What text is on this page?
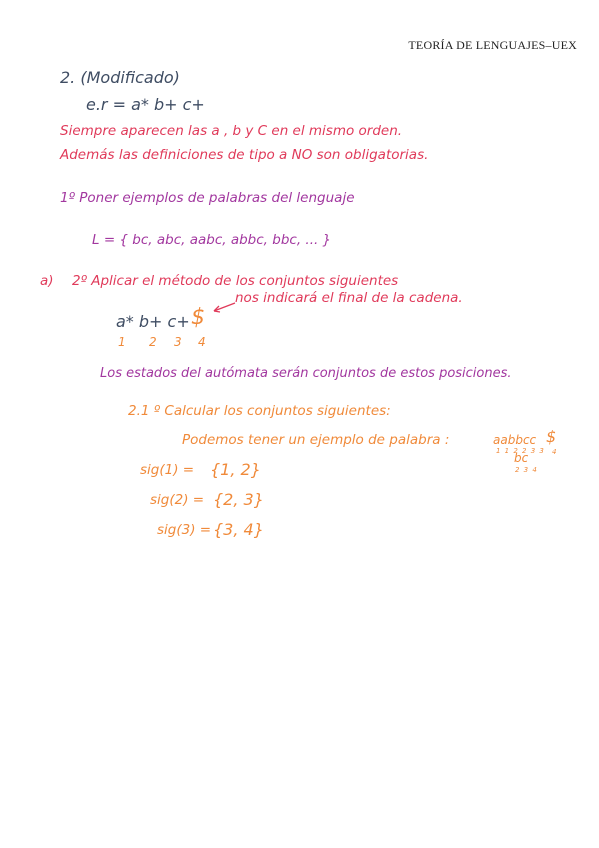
TEORÍA DE LENGUAJES–UEX
2. (Modificado)
e.r = a* b+ c+
Siempre aparecen las a , b y C en el mismo orden.
Además las definiciones de tipo a NO son obligatorias.
1º Poner ejemplos de palabras del lenguaje
L = { bc, abc, aabc, abbc, bbc, ... }
a) 2º Aplicar el método de los conjuntos siguientes
a* b+ c+ $
nos indicará el final de la cadena.
1 2 3 4
Los estados del autómata serán conjuntos de estos posiciones.
2.1 º Calcular los conjuntos siguientes:
Podemos tener un ejemplo de palabra :	aabbcc $
1 1 2 2 3 3 4
bc
2 3 4
sig(1) = {1, 2}
sig(2) = {2, 3}
sig(3) = {3, 4}
